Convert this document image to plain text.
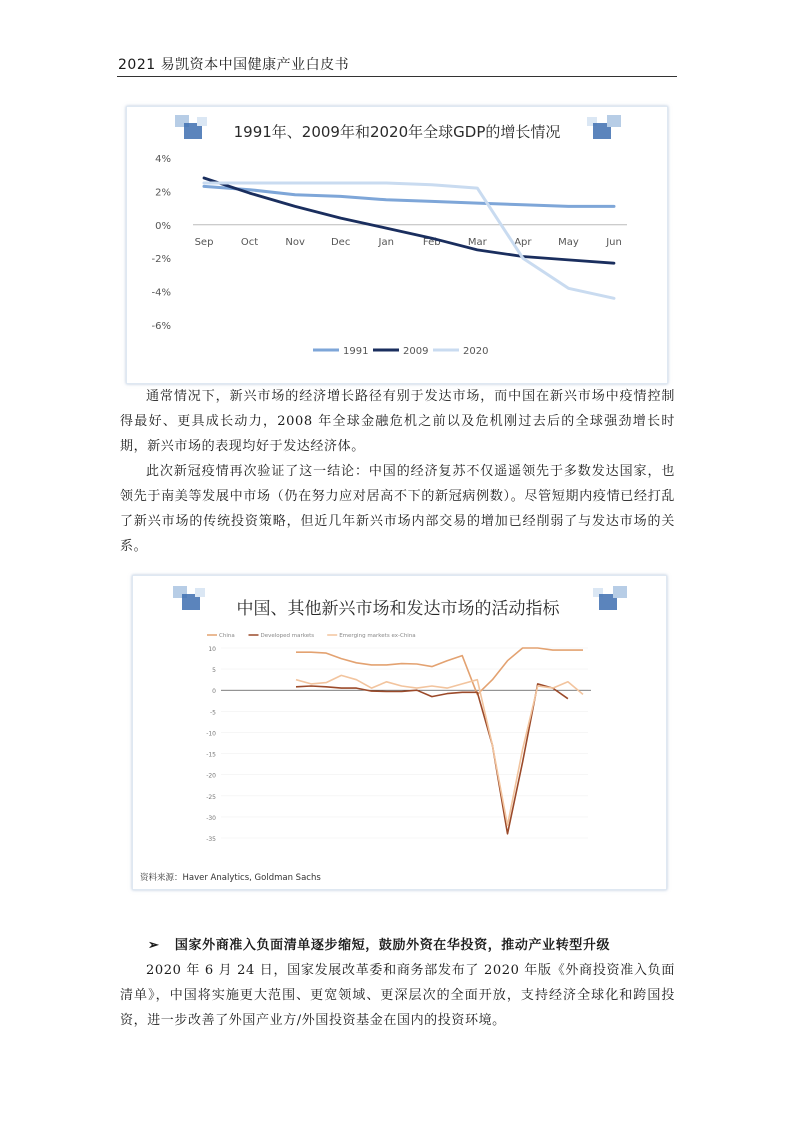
2021 易凯资本中国健康产业白皮书
1991年、2009年和2020年全球GDP的增长情况
4%
2%
0%
-2%
-4%
-6%
Sep	Oct	Nov	Dec	Jan	Feb	Mar	Apr	May	Jun
1991	2009	2020
通常情况下，新兴市场的经济增长路径有别于发达市场，而中国在新兴市场中疫情控制得最好、更具成长动力，2008 年全球金融危机之前以及危机刚过去后的全球强劲增长时期，新兴市场的表现均好于发达经济体。
此次新冠疫情再次验证了这一结论：中国的经济复苏不仅遥遥领先于多数发达国家，也领先于南美等发展中市场（仍在努力应对居高不下的新冠病例数）。尽管短期内疫情已经打乱了新兴市场的传统投资策略，但近几年新兴市场内部交易的增加已经削弱了与发达市场的关系。
中国、其他新兴市场和发达市场的活动指标
10
5
0
-5
-10
-15
-20
-25
-30
-35
China	Developed markets	Emerging markets ex-China
资料来源：Haver Analytics, Goldman Sachs
➢ 国家外商准入负面清单逐步缩短，鼓励外资在华投资，推动产业转型升级
2020 年 6 月 24 日，国家发展改革委和商务部发布了 2020 年版《外商投资准入负面清单》，中国将实施更大范围、更宽领域、更深层次的全面开放，支持经济全球化和跨国投资，进一步改善了外国产业方/外国投资基金在国内的投资环境。
